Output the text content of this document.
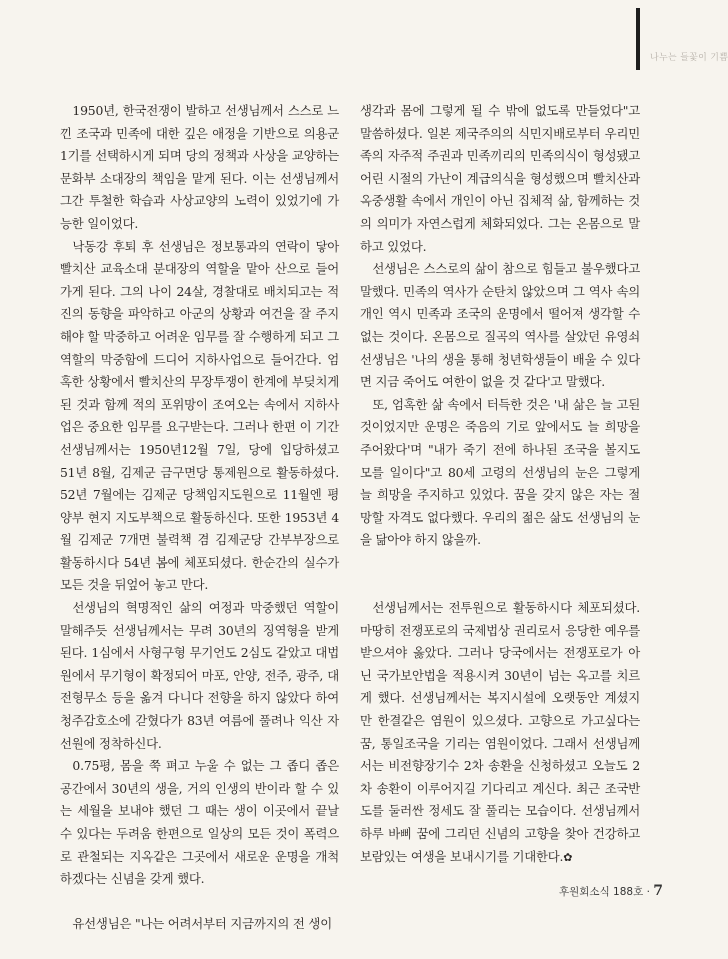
나누는 들꽃이 기쁨

1950년, 한국전쟁이 발하고 선생님께서 스스로 느낀 조국과 민족에 대한 깊은 애정을 기반으로 의용군 1기를 선택하시게 되며 당의 정책과 사상을 교양하는 문화부 소대장의 책임을 맡게 된다. 이는 선생님께서 그간 투철한 학습과 사상교양의 노력이 있었기에 가능한 일이었다.

낙동강 후퇴 후 선생님은 정보통과의 연락이 닿아 빨치산 교육소대 분대장의 역할을 맡아 산으로 들어가게 된다. 그의 나이 24살, 경찰대로 배치되고는 적진의 동향을 파악하고 아군의 상황과 여건을 잘 주지해야 할 막중하고 어려운 임무를 잘 수행하게 되고 그 역할의 막중함에 드디어 지하사업으로 들어간다. 엄혹한 상황에서 빨치산의 무장투쟁이 한계에 부딪치게 된 것과 함께 적의 포위망이 조여오는 속에서 지하사업은 중요한 임무를 요구받는다. 그러나 한편 이 기간 선생님께서는 1950년12월 7일, 당에 입당하셨고 51년 8월, 김제군 금구면당 통제원으로 활동하셨다. 52년 7월에는 김제군 당책임지도원으로 11월엔 평양부 현지 지도부책으로 활동하신다. 또한 1953년 4월 김제군 7개면 불력책 겸 김제군당 간부부장으로 활동하시다 54년 봄에 체포되셨다. 한순간의 실수가 모든 것을 뒤엎어 놓고 만다.

선생님의 혁명적인 삶의 여정과 막중했던 역할이 말해주듯 선생님께서는 무려 30년의 징역형을 받게 된다. 1심에서 사형구형 무기언도 2심도 같았고 대법원에서 무기형이 확정되어 마포, 안양, 전주, 광주, 대전형무소 등을 옮겨 다니다 전향을 하지 않았다 하여 청주감호소에 갇혔다가 83년 여름에 풀려나 익산 자선원에 정착하신다.

0.75평, 몸을 쭉 펴고 누울 수 없는 그 좁디 좁은 공간에서 30년의 생을, 거의 인생의 반이라 할 수 있는 세월을 보내야 했던 그 때는 생이 이곳에서 끝날 수 있다는 두려움 한편으로 일상의 모든 것이 폭력으로 관철되는 지옥같은 그곳에서 새로운 운명을 개척하겠다는 신념을 갖게 했다.

유선생님은 "나는 어려서부터 지금까지의 전 생이

생각과 몸에 그렇게 될 수 밖에 없도록 만들었다"고 말씀하셨다. 일본 제국주의의 식민지배로부터 우리민족의 자주적 주권과 민족끼리의 민족의식이 형성됐고 어린 시절의 가난이 계급의식을 형성했으며 빨치산과 옥중생활 속에서 개인이 아닌 집체적 삶, 함께하는 것의 의미가 자연스럽게 체화되었다. 그는 온몸으로 말하고 있었다.

선생님은 스스로의 삶이 참으로 힘들고 불우했다고 말했다. 민족의 역사가 순탄치 않았으며 그 역사 속의 개인 역시 민족과 조국의 운명에서 떨어져 생각할 수 없는 것이다. 온몸으로 질곡의 역사를 살았던 유영쇠 선생님은 '나의 생을 통해 청년학생들이 배울 수 있다면 지금 죽어도 여한이 없을 것 같다'고 말했다.

또, 엄혹한 삶 속에서 터득한 것은 '내 삶은 늘 고된 것이었지만 운명은 죽음의 기로 앞에서도 늘 희망을 주어왔다'며 "내가 죽기 전에 하나된 조국을 볼지도 모를 일이다"고 80세 고령의 선생님의 눈은 그렇게 늘 희망을 주지하고 있었다. 꿈을 갖지 않은 자는 절망할 자격도 없다했다. 우리의 젊은 삶도 선생님의 눈을 닮아야 하지 않을까.

선생님께서는 전투원으로 활동하시다 체포되셨다. 마땅히 전쟁포로의 국제법상 권리로서 응당한 예우를 받으셔야 옳았다. 그러나 당국에서는 전쟁포로가 아닌 국가보안법을 적용시켜 30년이 넘는 옥고를 치르게 했다. 선생님께서는 복지시설에 오랫동안 계셨지만 한결같은 염원이 있으셨다. 고향으로 가고싶다는 꿈, 통일조국을 기리는 염원이었다. 그래서 선생님께서는 비전향장기수 2차 송환을 신청하셨고 오늘도 2차 송환이 이루어지길 기다리고 계신다. 최근 조국반도를 둘러싼 정세도 잘 풀리는 모습이다. 선생님께서 하루 바삐 꿈에 그리던 신념의 고향을 찾아 건강하고 보람있는 여생을 보내시기를 기대한다.✿

후원회소식 188호 · 7
